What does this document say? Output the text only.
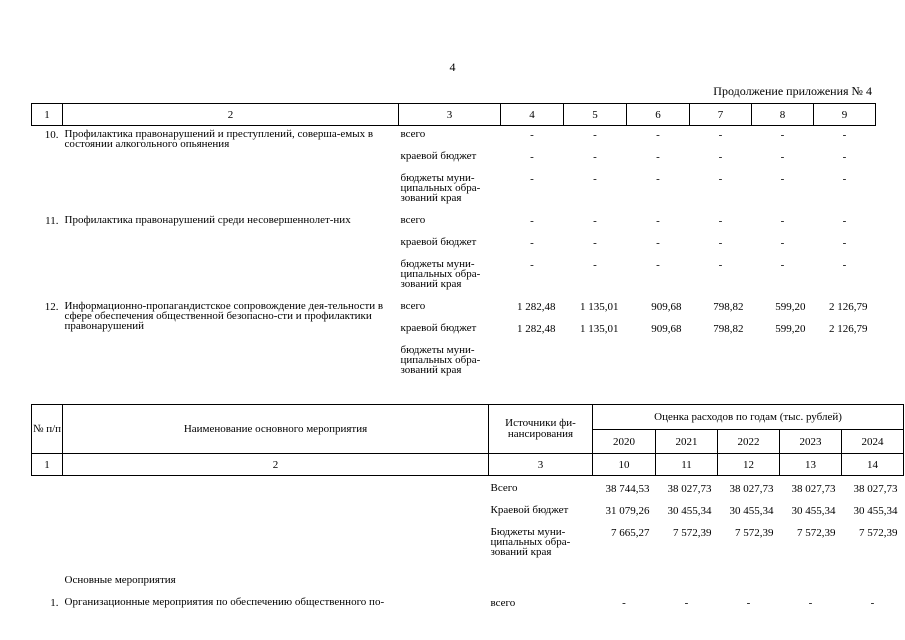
4
Продолжение приложения № 4
1	2	3	4	5	6	7	8	9
10.	Профилактика правонарушений и преступлений, соверша-емых в состоянии алкогольного опьянения	всего	-	-	-	-	-	-
		краевой бюджет	-	-	-	-	-	-
		бюджеты муни-ципальных обра-зований края	-	-	-	-	-	-
11.	Профилактика правонарушений среди несовершеннолет-них	всего	-	-	-	-	-	-
		краевой бюджет	-	-	-	-	-	-
		бюджеты муни-ципальных обра-зований края	-	-	-	-	-	-
12.	Информационно-пропагандистское сопровождение дея-тельности в сфере обеспечения общественной безопасно-сти и профилактики правонарушений	всего	1 282,48	1 135,01	909,68	798,82	599,20	2 126,79
		краевой бюджет	1 282,48	1 135,01	909,68	798,82	599,20	2 126,79
		бюджеты муни-ципальных обра-зований края						
№ п/п	Наименование основного мероприятия	Источники фи-нансирования	Оценка расходов по годам (тыс. рублей)				
			2020	2021	2022	2023	2024
1	2	3	10	11	12	13	14
		Всего	38 744,53	38 027,73	38 027,73	38 027,73	38 027,73
		Краевой бюджет	31 079,26	30 455,34	30 455,34	30 455,34	30 455,34
		Бюджеты муни-ципальных обра-зований края	7 665,27	7 572,39	7 572,39	7 572,39	7 572,39
	Основные мероприятия						
1.	Организационные мероприятия по обеспечению общественного по-	всего	-	-	-	-	-
